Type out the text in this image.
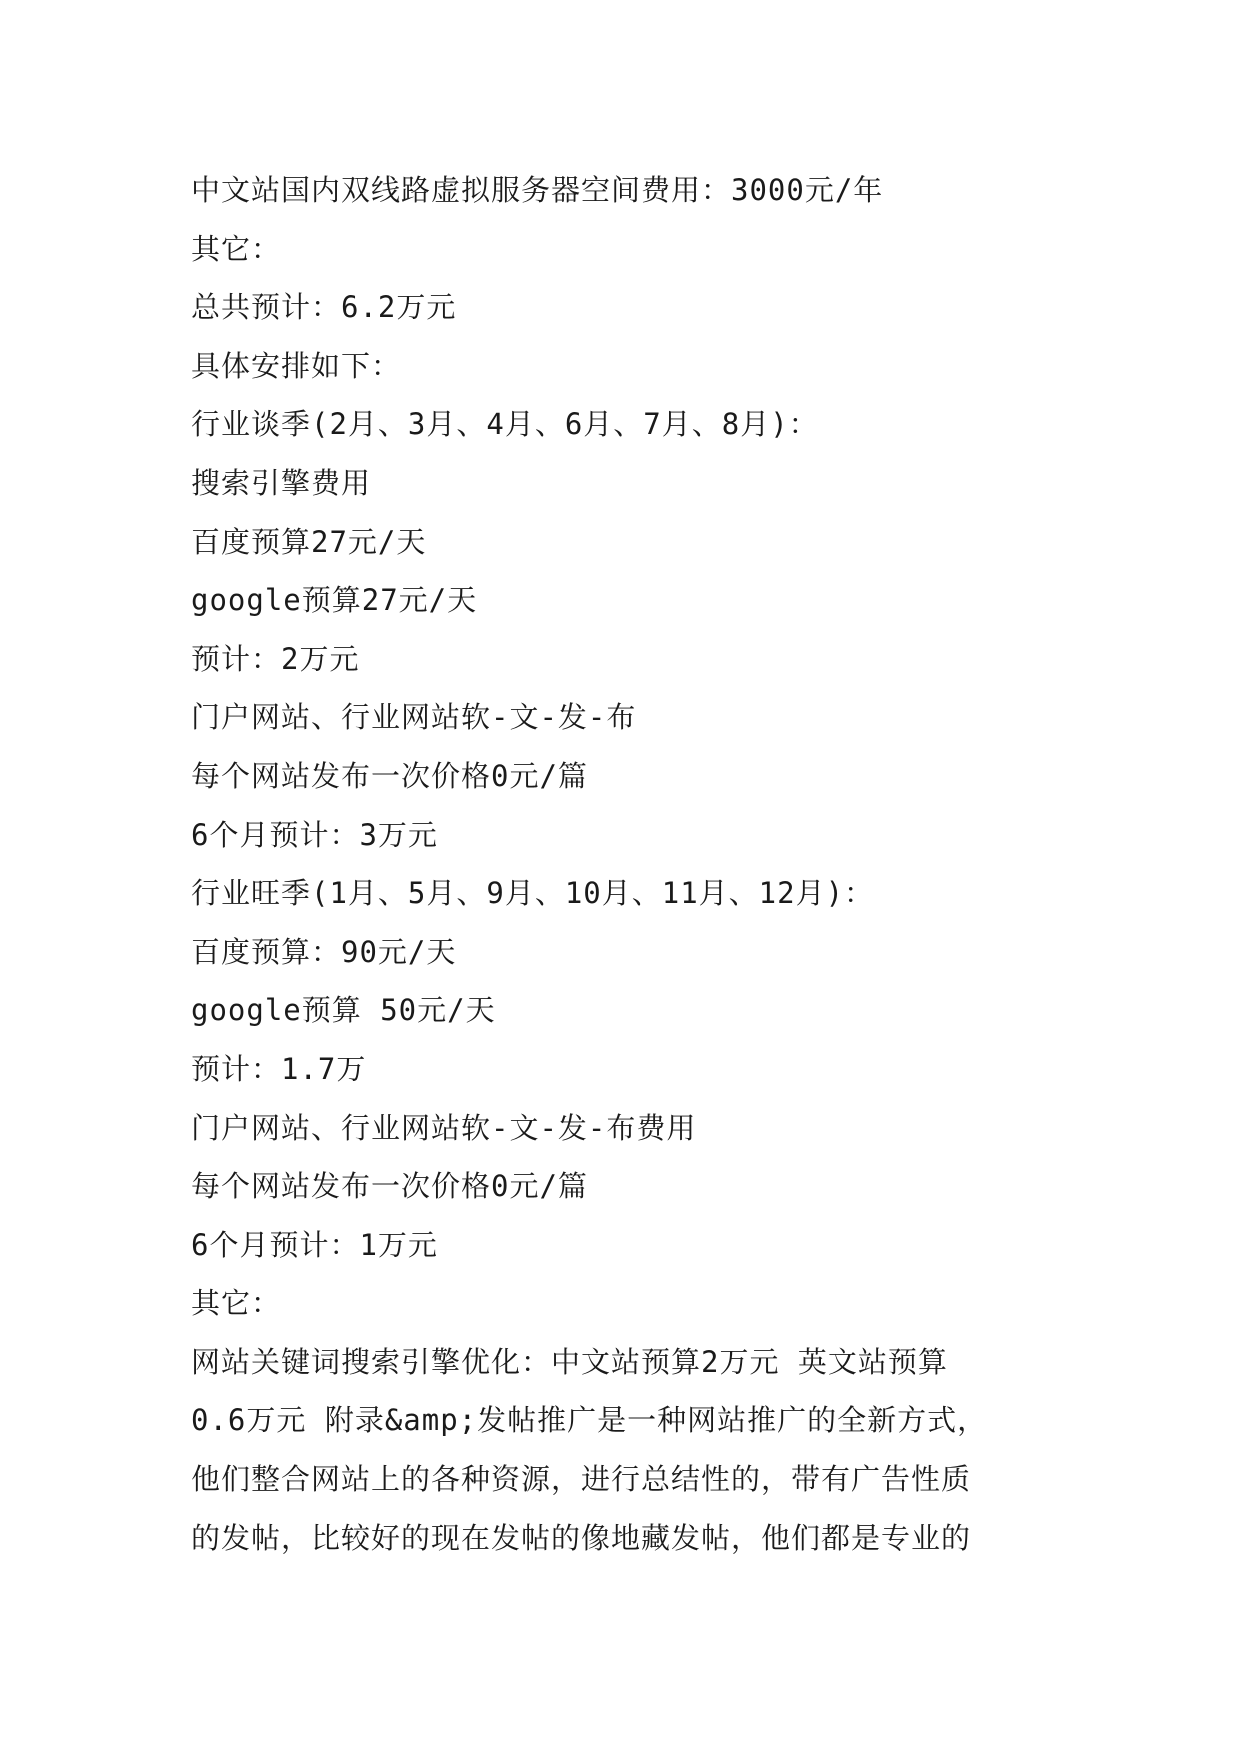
中文站国内双线路虚拟服务器空间费用：3000元/年
其它：
总共预计：6.2万元
具体安排如下：
行业谈季(2月、3月、4月、6月、7月、8月)：
搜索引擎费用
百度预算27元/天
google预算27元/天
预计：2万元
门户网站、行业网站软-文-发-布
每个网站发布一次价格0元/篇
6个月预计：3万元
行业旺季(1月、5月、9月、10月、11月、12月)：
百度预算：90元/天
google预算 50元/天
预计：1.7万
门户网站、行业网站软-文-发-布费用
每个网站发布一次价格0元/篇
6个月预计：1万元
其它：
网站关键词搜索引擎优化：中文站预算2万元 英文站预算
0.6万元 附录&amp;发帖推广是一种网站推广的全新方式，
他们整合网站上的各种资源，进行总结性的，带有广告性质
的发帖，比较好的现在发帖的像地藏发帖，他们都是专业的
